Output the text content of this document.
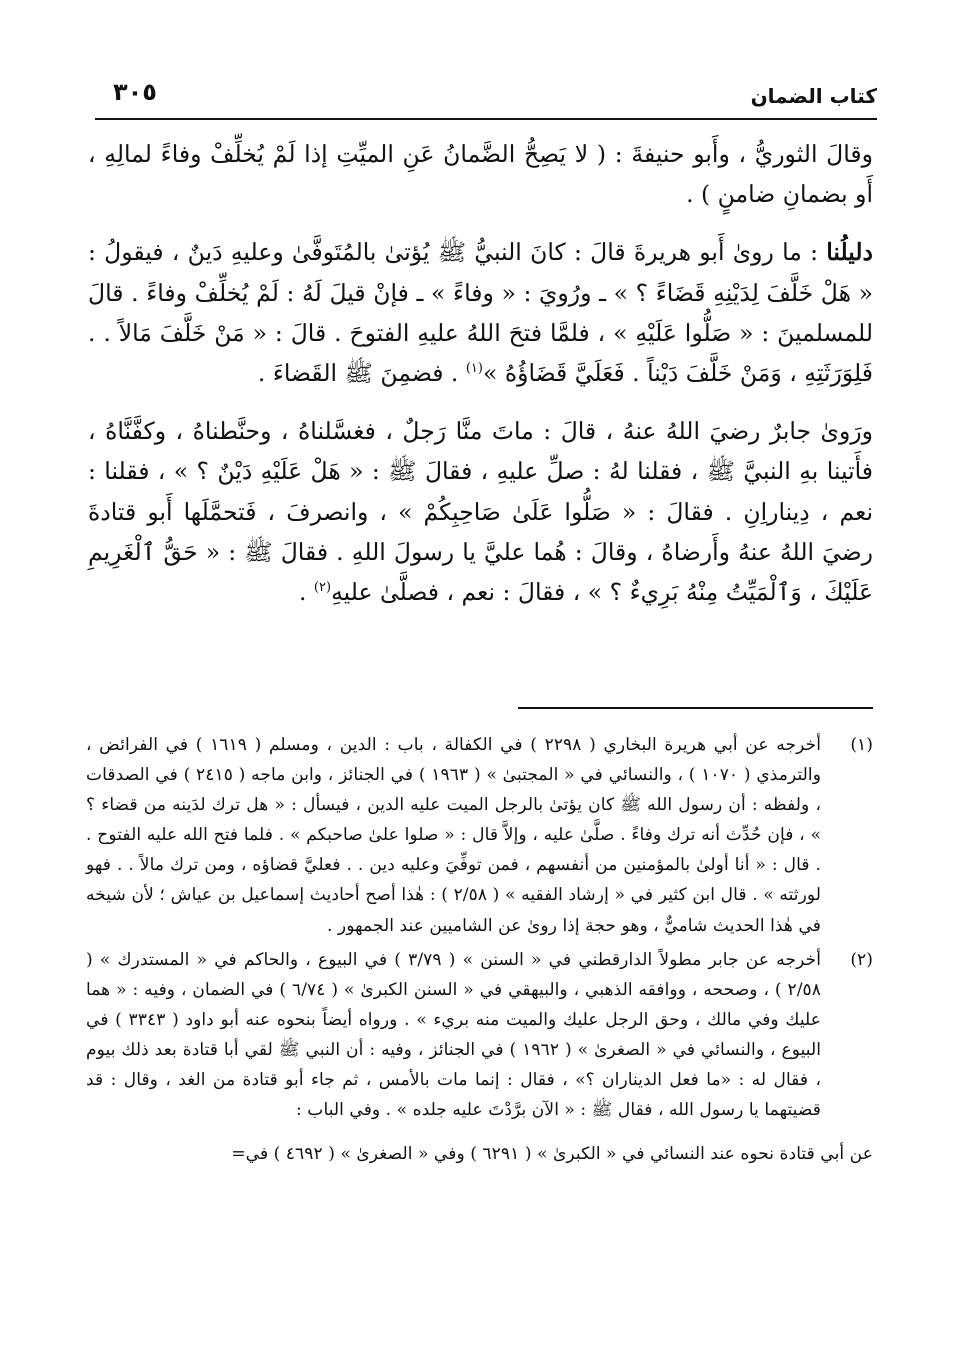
كتاب الضمان
٣٠٥

وقالَ الثوريُّ ، وأَبو حنيفةَ : ( لا يَصِحُّ الضَّمانُ عَنِ الميِّتِ إذا لَمْ يُخلِّفْ وفاءً لمالِهِ ، أَو بضمانِ ضامنٍ ) .

دليلُنا : ما روىٰ أَبو هريرةَ قالَ : كانَ النبيُّ ﷺ يُؤتىٰ بالمُتَوفَّىٰ وعليهِ دَينٌ ، فيقولُ : « هَلْ خَلَّفَ لِدَيْنِهِ قَضَاءً ؟ » ـ ورُويَ : « وفاءً » ـ فإنْ قيلَ لَهُ : لَمْ يُخلِّفْ وفاءً . قالَ للمسلمينَ : « صَلُّوا عَلَيْهِ » ، فلمَّا فتحَ اللهُ عليهِ الفتوحَ . قالَ : « مَنْ خَلَّفَ مَالاً . . فَلِوَرَثَتِهِ ، وَمَنْ خَلَّفَ دَيْناً . فَعَلَيَّ قَضَاؤُهُ »$^{(١)}$ . فضمِنَ ﷺ القَضاءَ .

ورَوىٰ جابرٌ رضيَ اللهُ عنهُ ، قالَ : ماتَ منَّا رَجلٌ ، فغسَّلناهُ ، وحنَّطناهُ ، وكفَّنَّاهُ ، فأَتينا بهِ النبيَّ ﷺ ، فقلنا لهُ : صلِّ عليهِ ، فقالَ ﷺ : « هَلْ عَلَيْهِ دَيْنٌ ؟ » ، فقلنا : نعم ، دِيناراِنِ . فقالَ : « صَلُّوا عَلَىٰ صَاحِبِكُمْ » ، وانصرفَ ، فَتحمَّلَها أَبو قتادةَ رضيَ اللهُ عنهُ وأَرضاهُ ، وقالَ : هُما عليَّ يا رسولَ اللهِ . فقالَ ﷺ : « حَقُّ ٱلْغَرِيمِ عَلَيْكَ ، وَٱلْمَيِّتُ مِنْهُ بَرِيءٌ ؟ » ، فقالَ : نعم ، فصلَّىٰ عليهِ$^{(٢)}$ .

(١)
أخرجه عن أبي هريرة البخاري ( ٢٢٩٨ ) في الكفالة ، باب : الدين ، ومسلم ( ١٦١٩ ) في الفرائض ، والترمذي ( ١٠٧٠ ) ، والنسائي في « المجتبىٰ » ( ١٩٦٣ ) في الجنائز ، وابن ماجه ( ٢٤١٥ ) في الصدقات ، ولفظه : أن رسول الله ﷺ كان يؤتىٰ بالرجل الميت عليه الدين ، فيسأل : « هل ترك لدَينه من قضاء ؟ » ، فإن حُدِّث أنه ترك وفاءً . صلَّىٰ عليه ، وإلاَّ قال : « صلوا علىٰ صاحبكم » . فلما فتح الله عليه الفتوح . . قال : « أنا أولىٰ بالمؤمنين من أنفسهم ، فمن توفِّيَ وعليه دين . . فعليَّ قضاؤه ، ومن ترك مالاً . . فهو لورثته » . قال ابن كثير في « إرشاد الفقيه » ( ٢/٥٨ ) : هٰذا أصح أحاديث إسماعيل بن عياش ؛ لأن شيخه في هٰذا الحديث شاميٌّ ، وهو حجة إذا روىٰ عن الشاميين عند الجمهور .
(٢)
أخرجه عن جابر مطولاً الدارقطني في « السنن » ( ٣/٧٩ ) في البيوع ، والحاكم في « المستدرك » ( ٢/٥٨ ) ، وصححه ، ووافقه الذهبي ، والبيهقي في « السنن الكبرىٰ » ( ٦/٧٤ ) في الضمان ، وفيه : « هما عليك وفي مالك ، وحق الرجل عليك والميت منه بريء » . ورواه أيضاً بنحوه عنه أبو داود ( ٣٣٤٣ ) في البيوع ، والنسائي في « الصغرىٰ » ( ١٩٦٢ ) في الجنائز ، وفيه : أن النبي ﷺ لقي أبا قتادة بعد ذلك بيوم ، فقال له : «ما فعل الديناران ؟» ، فقال : إنما مات بالأمس ، ثم جاء أبو قتادة من الغد ، وقال : قد قضيتهما يا رسول الله ، فقال ﷺ : « الآن برَّدْتَ عليه جلده » . وفي الباب :
عن أبي قتادة نحوه عند النسائي في « الكبرىٰ » ( ٦٢٩١ ) وفي « الصغرىٰ » ( ٤٦٩٢ ) في=
